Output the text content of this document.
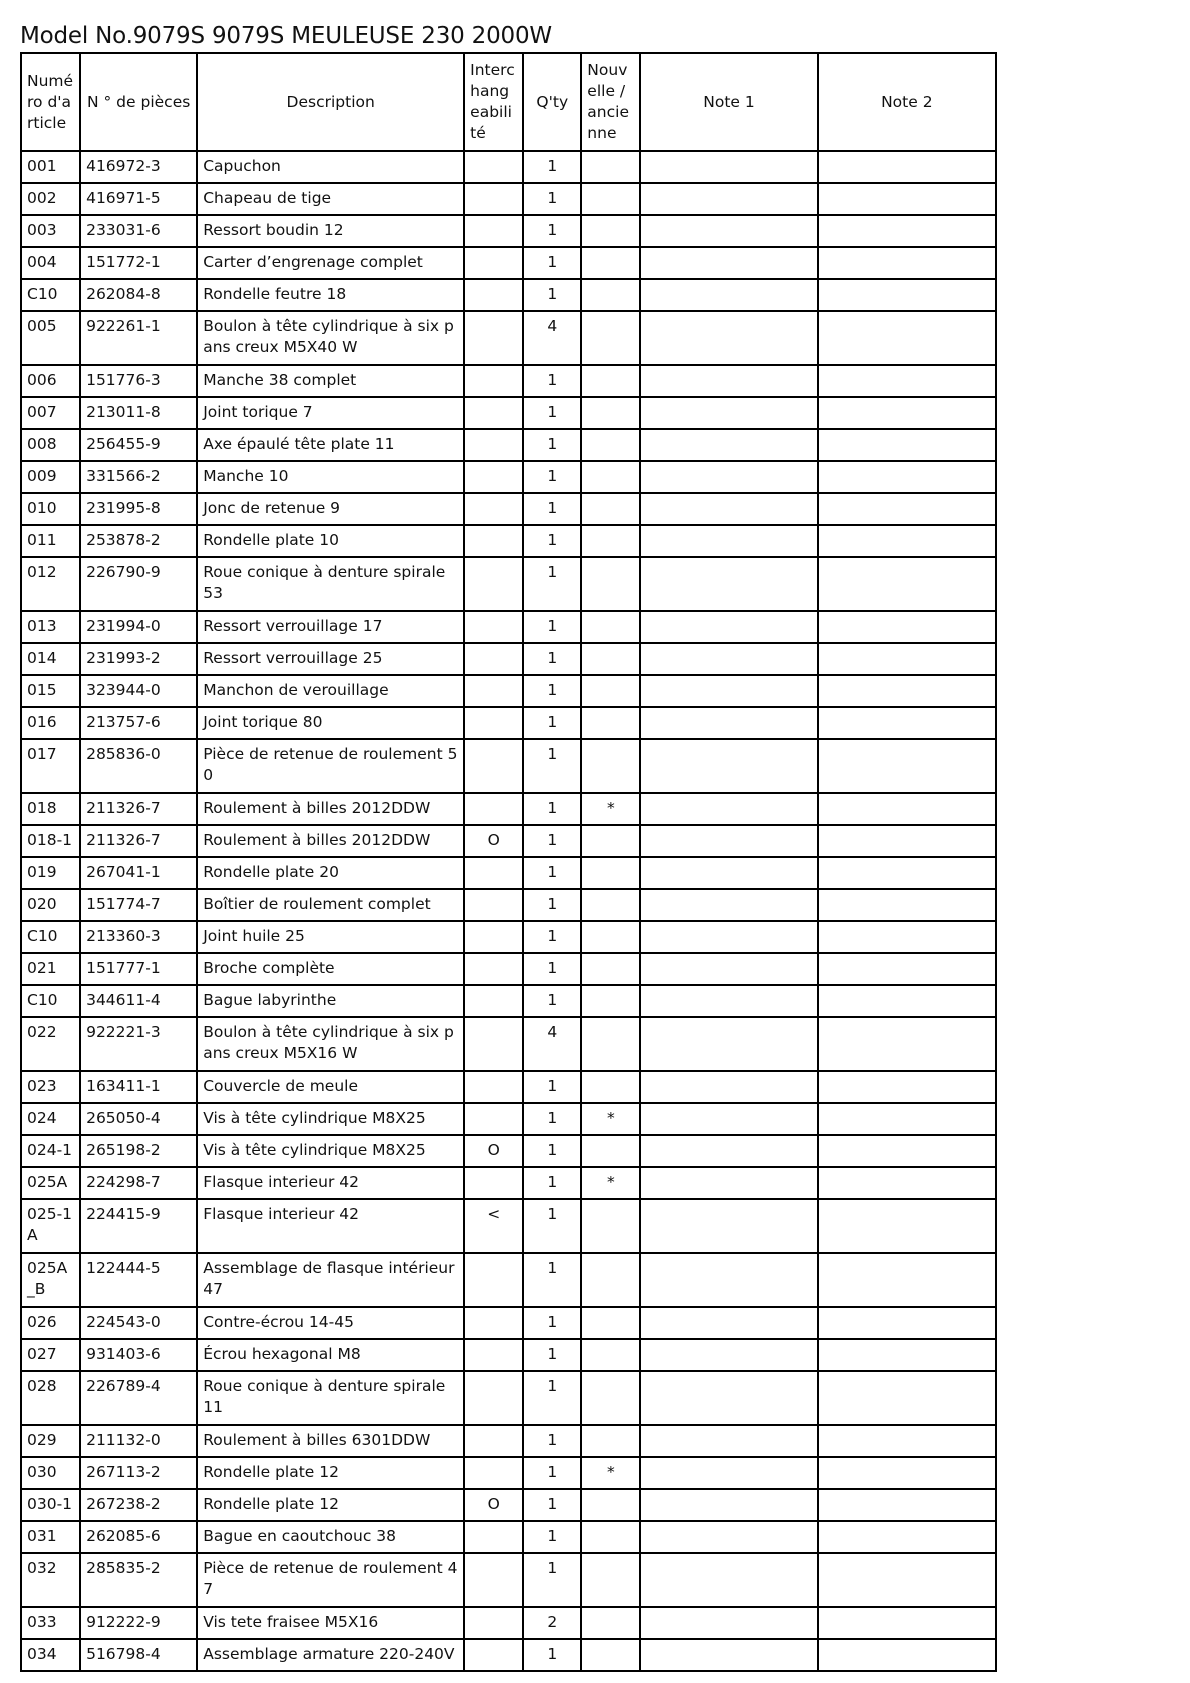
Model No.9079S 9079S MEULEUSE 230 2000W
Numéro d'article	N ° de pièces	Description	Interchangeabilité	Q'ty	Nouvelle / ancienne	Note 1	Note 2
001	416972-3	Capuchon		1			
002	416971-5	Chapeau de tige		1			
003	233031-6	Ressort boudin 12		1			
004	151772-1	Carter d’engrenage complet		1			
C10	262084-8	Rondelle feutre 18		1			
005	922261-1	Boulon à tête cylindrique à six pans creux M5X40 W		4			
006	151776-3	Manche 38 complet		1			
007	213011-8	Joint torique 7		1			
008	256455-9	Axe épaulé tête plate 11		1			
009	331566-2	Manche 10		1			
010	231995-8	Jonc de retenue 9		1			
011	253878-2	Rondelle plate 10		1			
012	226790-9	Roue conique à denture spirale 53		1			
013	231994-0	Ressort verrouillage 17		1			
014	231993-2	Ressort verrouillage 25		1			
015	323944-0	Manchon de verouillage		1			
016	213757-6	Joint torique 80		1			
017	285836-0	Pièce de retenue de roulement 50		1			
018	211326-7	Roulement à billes 2012DDW		1	*		
018-1	211326-7	Roulement à billes 2012DDW	O	1			
019	267041-1	Rondelle plate 20		1			
020	151774-7	Boîtier de roulement complet		1			
C10	213360-3	Joint huile 25		1			
021	151777-1	Broche complète		1			
C10	344611-4	Bague labyrinthe		1			
022	922221-3	Boulon à tête cylindrique à six pans creux M5X16 W		4			
023	163411-1	Couvercle de meule		1			
024	265050-4	Vis à tête cylindrique M8X25		1	*		
024-1	265198-2	Vis à tête cylindrique M8X25	O	1			
025A	224298-7	Flasque interieur 42		1	*		
025-1A	224415-9	Flasque interieur 42	<	1			
025A_B	122444-5	Assemblage de flasque intérieur 47		1			
026	224543-0	Contre-écrou 14-45		1			
027	931403-6	Écrou hexagonal M8		1			
028	226789-4	Roue conique à denture spirale 11		1			
029	211132-0	Roulement à billes 6301DDW		1			
030	267113-2	Rondelle plate 12		1	*		
030-1	267238-2	Rondelle plate 12	O	1			
031	262085-6	Bague en caoutchouc 38		1			
032	285835-2	Pièce de retenue de roulement 47		1			
033	912222-9	Vis tete fraisee M5X16		2			
034	516798-4	Assemblage armature 220-240V		1			
